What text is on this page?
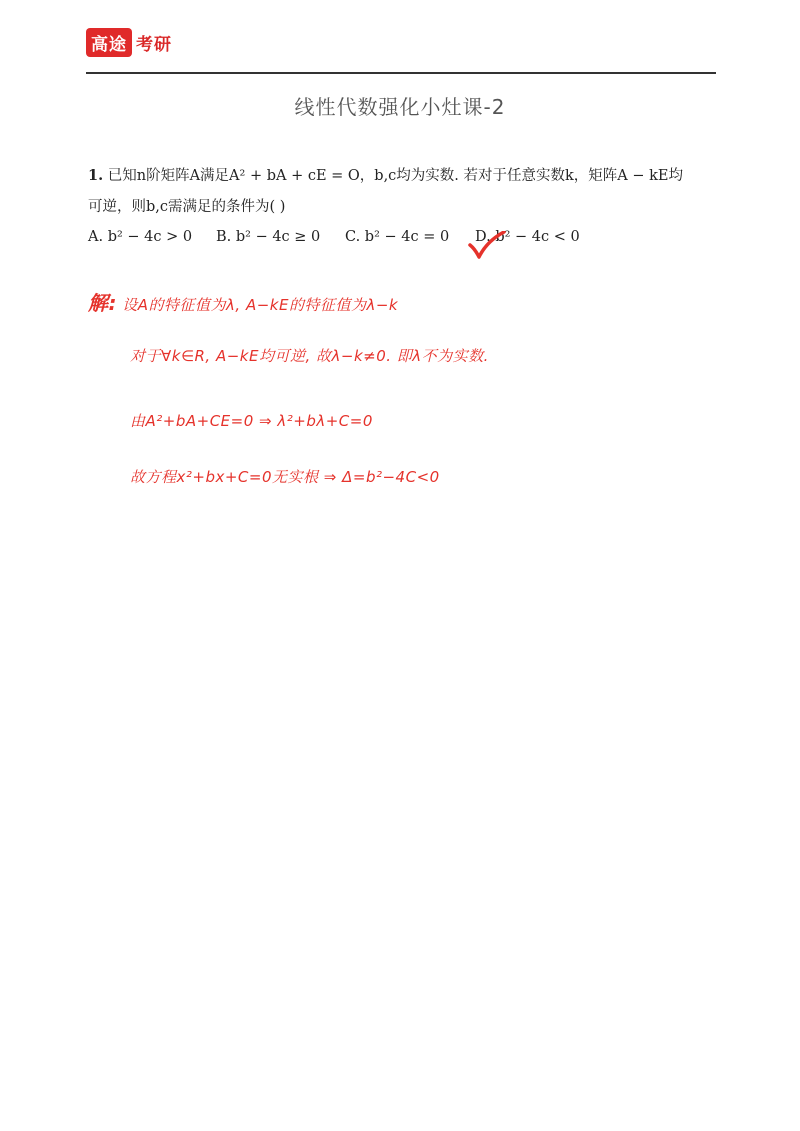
高途 考研
线性代数强化小灶课-2
1. 已知n阶矩阵A满足A² + bA + cE = O，b,c均为实数. 若对于任意实数k，矩阵A − kE均
可逆，则b,c需满足的条件为( )
A. b² − 4c > 0 B. b² − 4c ≥ 0 C. b² − 4c = 0 D. b² − 4c < 0
解: 设A的特征值为λ, A−kE的特征值为λ−k
对于∀k∈R, A−kE均可逆, 故λ−k≠0. 即λ不为实数.
由A²+bA+CE=0 ⇒ λ²+bλ+C=0
故方程x²+bx+C=0无实根 ⇒ Δ=b²−4C<0
